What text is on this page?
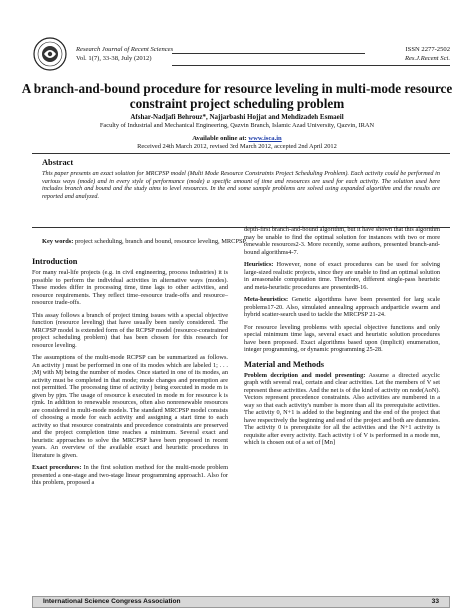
Research Journal of Recent Sciences
Vol. 1(7), 33-38, July (2012)
ISSN 2277-2502
Res.J.Recent Sci.
A branch-and-bound procedure for resource leveling in multi-mode resource constraint project scheduling problem
Afshar-Nadjafi Behrouz*, Najjarbashi Hojjat and Mehdizadeh Esmaeil
Faculty of Industrial and Mechanical Engineering, Qazvin Branch, Islamic Azad University, Qazvin, IRAN
Available online at: www.isca.in
Received 24th March 2012, revised 3rd March 2012, accepted 2nd April 2012
Abstract
This paper presents an exact solution for MRCPSP model (Multi Mode Resource Constraints Project Scheduling Problem). Each activity could be performed in various ways (mode) and in every style of performance (mode) a specific amount of time and resources are used for each activity. The solution used here includes branch and bound and the study aims to level resources. In the end some sample problems are solved using expanded algorithm and the results are reported and analyzed.
Key words: project scheduling, branch and bound, resource leveling, MRCPSP.
Introduction
For many real-life projects (e.g. in civil engineering, process industries) it is possible to perform the individual activities in alternative ways (modes). These modes differ in processing time, time lags to other activities, and resource requirements. They reflect time–resource trade-offs and resource–resource trade-offs.
This assay follows a branch of project timing issues with a special objective function (resource leveling) that have usually been rarely considered. The MRCPSP model is extended form of the RCPSP model (resource-constrained project scheduling problem) that has been chosen for this research for resource leveling.
The assumptions of the multi-mode RCPSP can be summarized as follows. An activity j must be performed in one of its modes which are labeled 1; . . . ;Mj with Mj being the number of modes. Once started in one of its modes, an activity must be completed in that mode; mode changes and preemption are not permitted. The processing time of activity j being executed in mode m is given by pjm. The usage of resource k executed in mode m for resource k is rjmk. In addition to renewable resources, often also nonrenewable resources are considered in multi-mode models. The standard MRCPSP model consists of choosing a mode for each activity and assigning a start time to each activity so that resource constraints and precedence constraints are preserved and the project completion time reaches a minimum. Several exact and heuristic approaches to solve the MRCPSP have been proposed in recent years. An overview of the available exact and heuristic procedures in literature is given.
Exact procedures: In the first solution method for the multi-mode problem presented a one-stage and two-stage linear programming approach1. Also for this problem, proposed a
depth-first branch-and-bound algorithm, but it have shown that this algorithm may be unable to find the optimal solution for instances with two or more renewable resources2-3. More recently, some authors, presented branch-and-bound algorithms4-7.
Heuristics: However, none of exact procedures can be used for solving large-sized realistic projects, since they are unable to find an optimal solution in areasonable computation time. Therefore, different single-pass heuristic and meta-heuristic procedures are presented8-16.
Meta-heuristics: Genetic algorithms have been presented for larg scale problems17-20. Also, simulated annealing approach andparticle swarm and hybrid scatter-search used to tackle the MRCPSP 21-24.
For resource leveling problems with special objective functions and only special minimum time lags, several exact and heuristic solution procedures have been proposed. Exact algorithms based upon (implicit) enumeration, integer programming, or dynamic programming 25-28.
Material and Methods
Problem decription and model presenting: Assume a directed acyclic graph with several real, certain and clear activities. Let the members of V set represent these activities. And the net is of the kind of activity on node(AoN). Vectors represent precedence constraints. Also activities are numbered in a way so that each activity's number is more than all its prerequisite activities. The activity 0, N+1 is added to the beginning and the end of the project that have respectively the beginning and end of the project and both are dummies. The activity 0 is prerequisite for all the activities and the N+1 activity is requisite after every activity. Each activity i of V is performed in a mode mn, which is chosen out of a set of [Mn]
International Science Congress Association	33
